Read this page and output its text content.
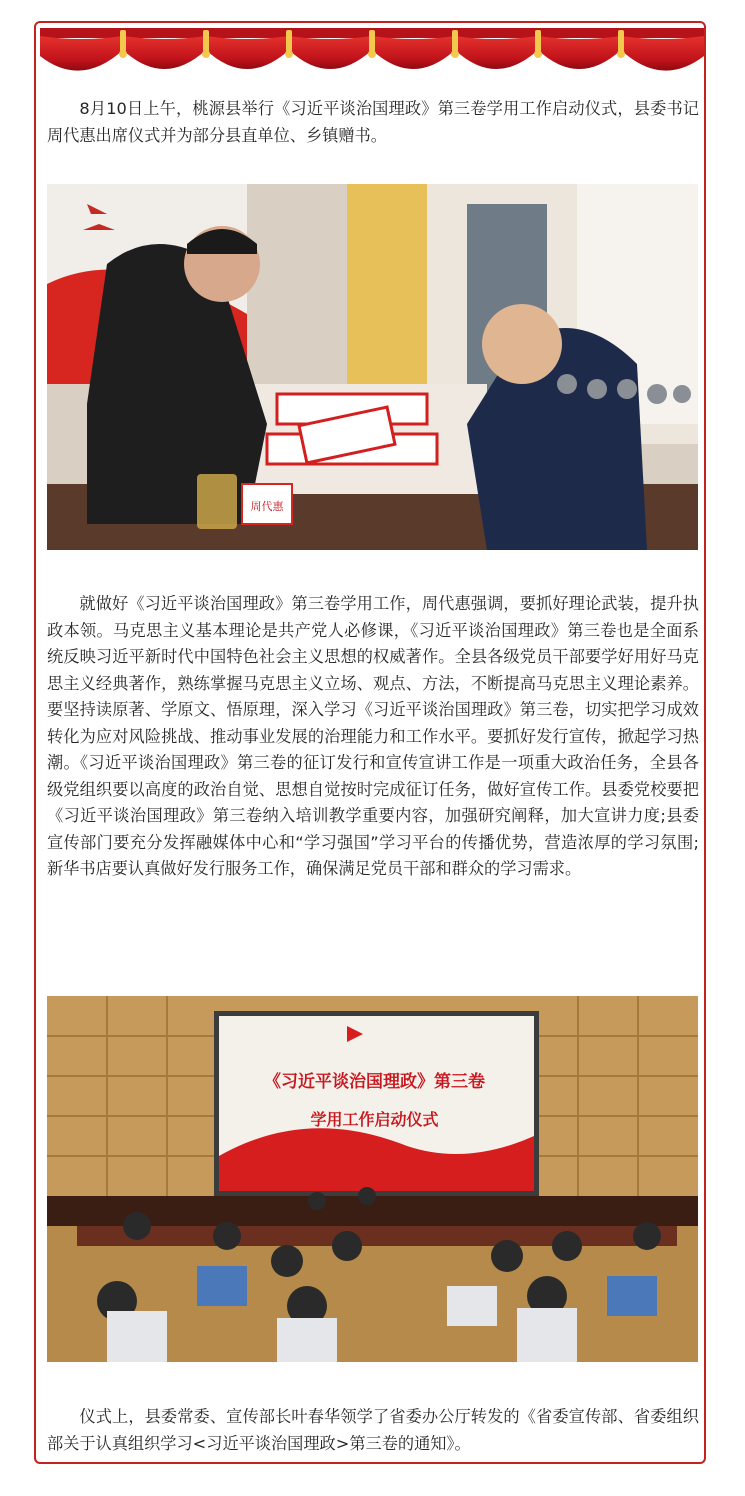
8月10日上午，桃源县举行《习近平谈治国理政》第三卷学用工作启动仪式，县委书记周代惠出席仪式并为部分县直单位、乡镇赠书。

周代惠

就做好《习近平谈治国理政》第三卷学用工作，周代惠强调，要抓好理论武装，提升执政本领。马克思主义基本理论是共产党人必修课，《习近平谈治国理政》第三卷也是全面系统反映习近平新时代中国特色社会主义思想的权威著作。全县各级党员干部要学好用好马克思主义经典著作，熟练掌握马克思主义立场、观点、方法，不断提高马克思主义理论素养。要坚持读原著、学原文、悟原理，深入学习《习近平谈治国理政》第三卷，切实把学习成效转化为应对风险挑战、推动事业发展的治理能力和工作水平。要抓好发行宣传，掀起学习热潮。《习近平谈治国理政》第三卷的征订发行和宣传宣讲工作是一项重大政治任务，全县各级党组织要以高度的政治自觉、思想自觉按时完成征订任务，做好宣传工作。县委党校要把《习近平谈治国理政》第三卷纳入培训教学重要内容，加强研究阐释，加大宣讲力度;县委宣传部门要充分发挥融媒体中心和“学习强国”学习平台的传播优势，营造浓厚的学习氛围;新华书店要认真做好发行服务工作，确保满足党员干部和群众的学习需求。

《习近平谈治国理政》第三卷
学用工作启动仪式

仪式上，县委常委、宣传部长叶春华领学了省委办公厅转发的《省委宣传部、省委组织部关于认真组织学习<习近平谈治国理政>第三卷的通知》。
